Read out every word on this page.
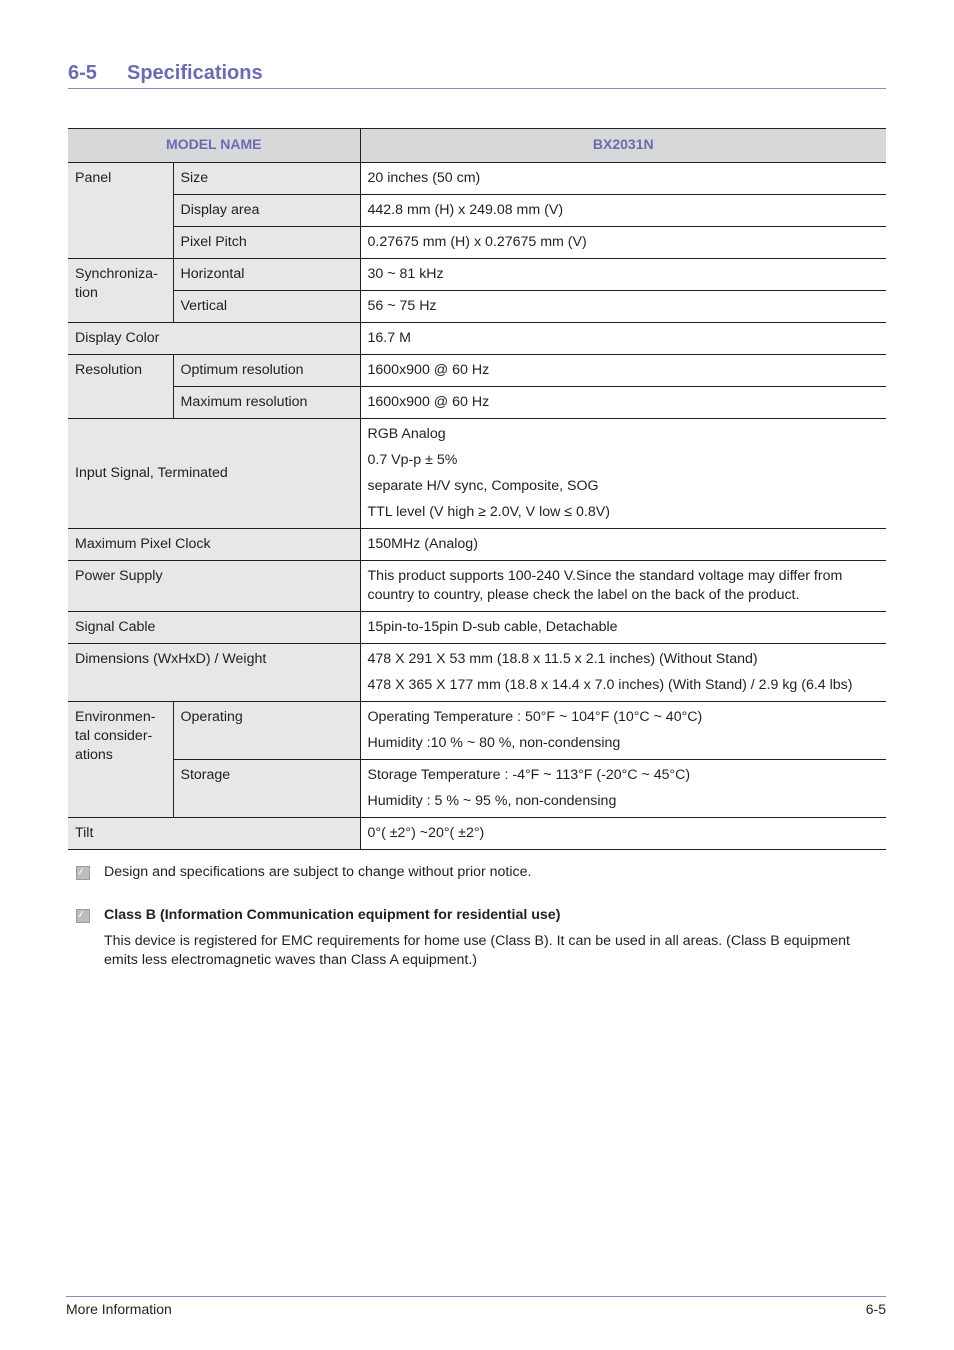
6-5 Specifications
MODEL NAME		BX2031N
Panel	Size	20 inches (50 cm)
	Display area	442.8 mm (H) x 249.08 mm (V)
	Pixel Pitch	0.27675 mm (H) x 0.27675 mm (V)
Synchroniza-tion	Horizontal	30 ~ 81 kHz
	Vertical	56 ~ 75 Hz
Display Color		16.7 M
Resolution	Optimum resolution	1600x900 @ 60 Hz
	Maximum resolution	1600x900 @ 60 Hz
Input Signal, Terminated		RGB Analog
0.7 Vp-p ± 5%
separate H/V sync, Composite, SOG
TTL level (V high ≥ 2.0V, V low ≤ 0.8V)

Maximum Pixel Clock		150MHz (Analog)
Power Supply		This product supports 100-240 V.Since the standard voltage may differ from country to country, please check the label on the back of the product.
Signal Cable		15pin-to-15pin D-sub cable, Detachable
Dimensions (WxHxD) / Weight		478 X 291 X 53 mm (18.8 x 11.5 x 2.1 inches) (Without Stand)
478 X 365 X 177 mm (18.8 x 14.4 x 7.0 inches) (With Stand) / 2.9 kg (6.4 lbs)

Environmen-tal consider-ations	Operating	Operating Temperature : 50°F ~ 104°F (10°C ~ 40°C)
Humidity :10 % ~ 80 %, non-condensing

	Storage	Storage Temperature : -4°F ~ 113°F (-20°C ~ 45°C)
Humidity : 5 % ~ 95 %, non-condensing

Tilt		0°( ±2°) ~20°( ±2°)
Design and specifications are subject to change without prior notice.
Class B (Information Communication equipment for residential use)
This device is registered for EMC requirements for home use (Class B). It can be used in all areas. (Class B equipment emits less electromagnetic waves than Class A equipment.)
More Information	6-5
